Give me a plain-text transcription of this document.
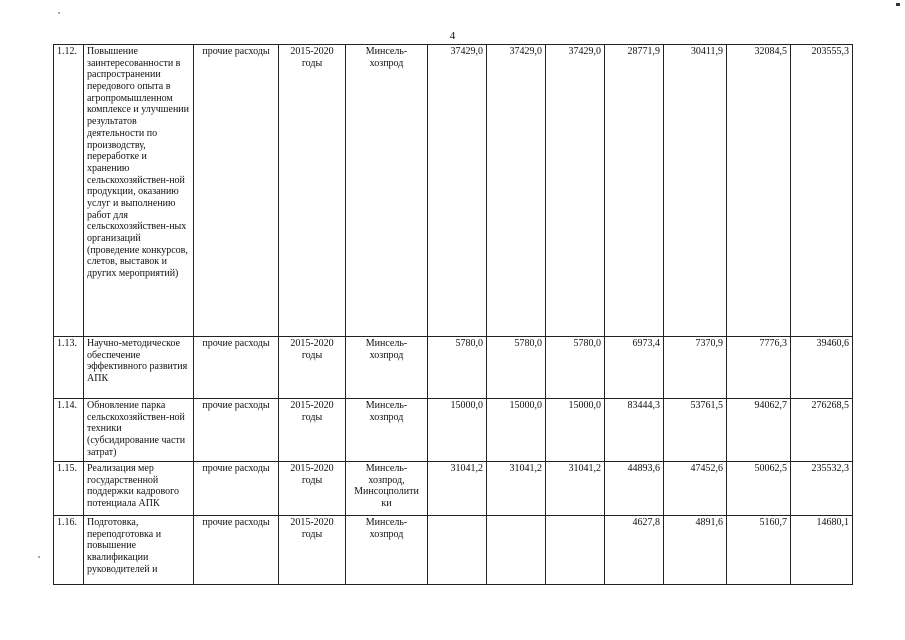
4
1.12.	Повышение заинтересованности в распространении передового опыта в агропромышленном комплексе и улучшении результатов деятельности по производству, переработке и хранению сельскохозяйствен-ной продукции, оказанию услуг и выполнению работ для сельскохозяйствен-ных организаций (проведение конкурсов, слетов, выставок и других мероприятий)	прочие расходы	2015-2020 годы	Минсель-хозпрод	37429,0	37429,0	37429,0	28771,9	30411,9	32084,5	203555,3
1.13.	Научно-методическое обеспечение эффективного развития АПК	прочие расходы	2015-2020 годы	Минсель-хозпрод	5780,0	5780,0	5780,0	6973,4	7370,9	7776,3	39460,6
1.14.	Обновление парка сельскохозяйствен-ной техники (субсидирование части затрат)	прочие расходы	2015-2020 годы	Минсель-хозпрод	15000,0	15000,0	15000,0	83444,3	53761,5	94062,7	276268,5
1.15.	Реализация мер государственной поддержки кадрового потенциала АПК	прочие расходы	2015-2020 годы	Минсель-хозпрод, Минсоцполити ки	31041,2	31041,2	31041,2	44893,6	47452,6	50062,5	235532,3
1.16.	Подготовка, переподготовка и повышение квалификации руководителей и	прочие расходы	2015-2020 годы	Минсель-хозпрод				4627,8	4891,6	5160,7	14680,1
